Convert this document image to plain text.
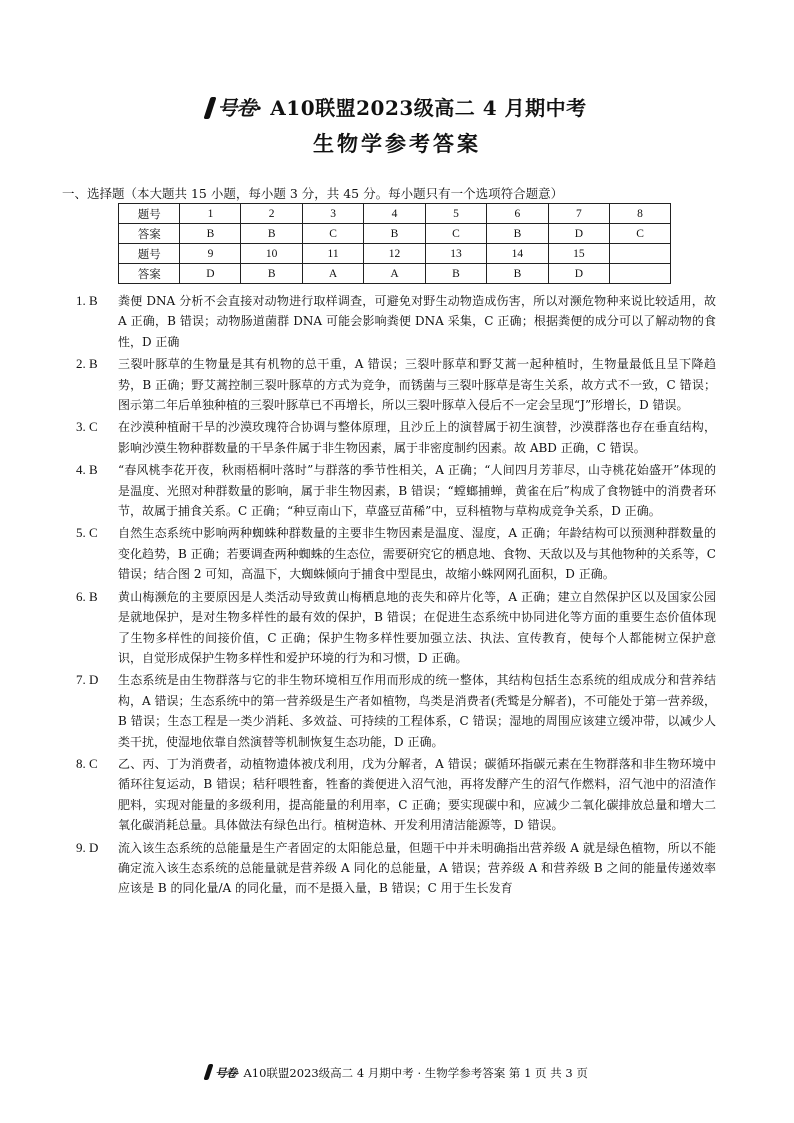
号卷· A10联盟2023级高二 4 月期中考
生物学参考答案
一、选择题（本大题共 15 小题，每小题 3 分，共 45 分。每小题只有一个选项符合题意）
题号	1	2	3	4	5	6	7	8
答案	B	B	C	B	C	B	D	C
题号	9	10	11	12	13	14	15	
答案	D	B	A	A	B	B	D	
1. B	粪便 DNA 分析不会直接对动物进行取样调查，可避免对野生动物造成伤害，所以对濒危物种来说比较适用，故 A 正确，B 错误；动物肠道菌群 DNA 可能会影响粪便 DNA 采集，C 正确；根据粪便的成分可以了解动物的食性，D 正确
2. B	三裂叶豚草的生物量是其有机物的总干重，A 错误；三裂叶豚草和野艾蒿一起种植时，生物量最低且呈下降趋势，B 正确；野艾蒿控制三裂叶豚草的方式为竞争，而锈菌与三裂叶豚草是寄生关系，故方式不一致，C 错误；图示第二年后单独种植的三裂叶豚草已不再增长，所以三裂叶豚草入侵后不一定会呈现“J”形增长，D 错误。
3. C	在沙漠种植耐干旱的沙漠玫瑰符合协调与整体原理，且沙丘上的演替属于初生演替，沙漠群落也存在垂直结构，影响沙漠生物种群数量的干旱条件属于非生物因素，属于非密度制约因素。故 ABD 正确，C 错误。
4. B	“春风桃李花开夜，秋雨梧桐叶落时”与群落的季节性相关，A 正确；“人间四月芳菲尽，山寺桃花始盛开”体现的是温度、光照对种群数量的影响，属于非生物因素，B 错误；“螳螂捕蝉，黄雀在后”构成了食物链中的消费者环节，故属于捕食关系。C 正确；“种豆南山下，草盛豆苗稀”中，豆科植物与草构成竞争关系，D 正确。
5. C	自然生态系统中影响两种蜘蛛种群数量的主要非生物因素是温度、湿度，A 正确；年龄结构可以预测种群数量的变化趋势，B 正确；若要调查两种蜘蛛的生态位，需要研究它的栖息地、食物、天敌以及与其他物种的关系等，C 错误；结合图 2 可知，高温下，大蜘蛛倾向于捕食中型昆虫，故缩小蛛网网孔面积，D 正确。
6. B	黄山梅濒危的主要原因是人类活动导致黄山梅栖息地的丧失和碎片化等，A 正确；建立自然保护区以及国家公园是就地保护，是对生物多样性的最有效的保护，B 错误；在促进生态系统中协同进化等方面的重要生态价值体现了生物多样性的间接价值，C 正确；保护生物多样性要加强立法、执法、宣传教育，使每个人都能树立保护意识，自觉形成保护生物多样性和爱护环境的行为和习惯，D 正确。
7. D	生态系统是由生物群落与它的非生物环境相互作用而形成的统一整体，其结构包括生态系统的组成成分和营养结构，A 错误；生态系统中的第一营养级是生产者如植物，鸟类是消费者(秃鹫是分解者)，不可能处于第一营养级，B 错误；生态工程是一类少消耗、多效益、可持续的工程体系，C 错误；湿地的周围应该建立缓冲带，以减少人类干扰，使湿地依靠自然演替等机制恢复生态功能，D 正确。
8. C	乙、丙、丁为消费者，动植物遗体被戊利用，戊为分解者，A 错误；碳循环指碳元素在生物群落和非生物环境中循环往复运动，B 错误；秸秆喂牲畜，牲畜的粪便进入沼气池，再将发酵产生的沼气作燃料，沼气池中的沼渣作肥料，实现对能量的多级利用，提高能量的利用率，C 正确；要实现碳中和，应减少二氧化碳排放总量和增大二氧化碳消耗总量。具体做法有绿色出行。植树造林、开发利用清洁能源等，D 错误。
9. D	流入该生态系统的总能量是生产者固定的太阳能总量，但题干中并未明确指出营养级 A 就是绿色植物，所以不能确定流入该生态系统的总能量就是营养级 A 同化的总能量，A 错误；营养级 A 和营养级 B 之间的能量传递效率应该是 B 的同化量/A 的同化量，而不是摄入量，B 错误；C 用于生长发育
号卷· A10联盟2023级高二 4 月期中考 · 生物学参考答案 第 1 页 共 3 页
